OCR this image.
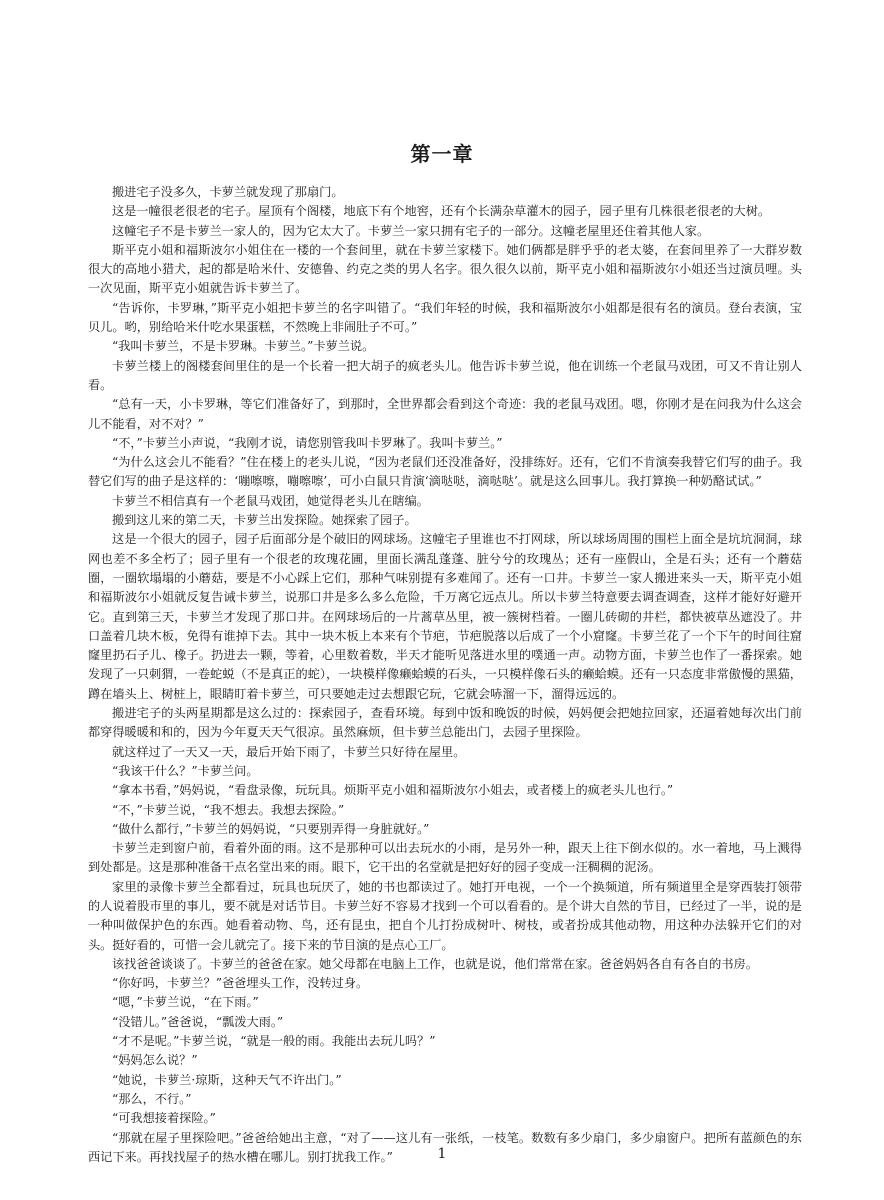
第一章

搬进宅子没多久，卡萝兰就发现了那扇门。

这是一幢很老很老的宅子。屋顶有个阁楼，地底下有个地窖，还有个长满杂草灌木的园子，园子里有几株很老很老的大树。

这幢宅子不是卡萝兰一家人的，因为它太大了。卡萝兰一家只拥有宅子的一部分。这幢老屋里还住着其他人家。

斯平克小姐和福斯波尔小姐住在一楼的一个套间里，就在卡萝兰家楼下。她们俩都是胖乎乎的老太婆，在套间里养了一大群岁数很大的高地小猎犬，起的都是哈米什、安德鲁、约克之类的男人名字。很久很久以前，斯平克小姐和福斯波尔小姐还当过演员哩。头一次见面，斯平克小姐就告诉卡萝兰了。

“告诉你，卡罗琳，”斯平克小姐把卡萝兰的名字叫错了。“我们年轻的时候，我和福斯波尔小姐都是很有名的演员。登台表演，宝贝儿。哟，别给哈米什吃水果蛋糕，不然晚上非闹肚子不可。”

“我叫卡萝兰，不是卡罗琳。卡萝兰。”卡萝兰说。

卡萝兰楼上的阁楼套间里住的是一个长着一把大胡子的疯老头儿。他告诉卡萝兰说，他在训练一个老鼠马戏团，可又不肯让别人看。

“总有一天，小卡罗琳，等它们准备好了，到那时，全世界都会看到这个奇迹：我的老鼠马戏团。嗯，你刚才是在问我为什么这会儿不能看，对不对？”

“不，”卡萝兰小声说，“我刚才说，请您别管我叫卡罗琳了。我叫卡萝兰。”

“为什么这会儿不能看？”住在楼上的老头儿说，“因为老鼠们还没准备好，没排练好。还有，它们不肯演奏我替它们写的曲子。我替它们写的曲子是这样的：‘嘣嚓嚓，嘣嚓嚓’，可小白鼠只肯演‘滴哒哒，滴哒哒’。就是这么回事儿。我打算换一种奶酪试试。”

卡萝兰不相信真有一个老鼠马戏团，她觉得老头儿在瞎编。

搬到这儿来的第二天，卡萝兰出发探险。她探索了园子。

这是一个很大的园子，园子后面部分是个破旧的网球场。这幢宅子里谁也不打网球，所以球场周围的围栏上面全是坑坑洞洞，球网也差不多全朽了；园子里有一个很老的玫瑰花圃，里面长满乱蓬蓬、脏兮兮的玫瑰丛；还有一座假山，全是石头；还有一个蘑菇圈，一圈软塌塌的小蘑菇，要是不小心踩上它们，那种气味别提有多难闻了。还有一口井。卡萝兰一家人搬进来头一天，斯平克小姐和福斯波尔小姐就反复告诫卡萝兰，说那口井是多么多么危险，千万离它远点儿。所以卡萝兰特意要去调查调查，这样才能好好避开它。直到第三天，卡萝兰才发现了那口井。在网球场后的一片蒿草丛里，被一簇树档着。一圈儿砖砌的井栏，都快被草丛遮没了。井口盖着几块木板，免得有谁掉下去。其中一块木板上本来有个节疤，节疤脱落以后成了一个小窟窿。卡萝兰花了一个下午的时间往窟窿里扔石子儿、橡子。扔进去一颗，等着，心里数着数，半天才能听见落进水里的噗通一声。动物方面，卡萝兰也作了一番探索。她发现了一只刺猬，一卷蛇蜕（不是真正的蛇），一块模样像癞蛤蟆的石头，一只模样像石头的癞蛤蟆。还有一只态度非常傲慢的黑猫，蹲在墙头上、树桩上，眼睛盯着卡萝兰，可只要她走过去想跟它玩，它就会哧溜一下，溜得远远的。

搬进宅子的头两星期都是这么过的：探索园子，查看环境。每到中饭和晚饭的时候，妈妈便会把她拉回家，还逼着她每次出门前都穿得暖暖和和的，因为今年夏天天气很凉。虽然麻烦，但卡萝兰总能出门，去园子里探险。

就这样过了一天又一天，最后开始下雨了，卡萝兰只好待在屋里。

“我该干什么？”卡萝兰问。

“拿本书看，”妈妈说，“看盘录像，玩玩具。烦斯平克小姐和福斯波尔小姐去，或者楼上的疯老头儿也行。”

“不，”卡萝兰说，“我不想去。我想去探险。”

“做什么都行，”卡萝兰的妈妈说，“只要别弄得一身脏就好。”

卡萝兰走到窗户前，看着外面的雨。这不是那种可以出去玩水的小雨，是另外一种，跟天上往下倒水似的。水一着地，马上溅得到处都是。这是那种准备干点名堂出来的雨。眼下，它干出的名堂就是把好好的园子变成一汪稠稠的泥汤。

家里的录像卡萝兰全都看过，玩具也玩厌了，她的书也都读过了。她打开电视，一个一个换频道，所有频道里全是穿西装打领带的人说着股市里的事儿，要不就是对话节目。卡萝兰好不容易才找到一个可以看看的。是个讲大自然的节目，已经过了一半，说的是一种叫做保护色的东西。她看着动物、鸟，还有昆虫，把自个儿打扮成树叶、树枝，或者扮成其他动物，用这种办法躲开它们的对头。挺好看的，可惜一会儿就完了。接下来的节目演的是点心工厂。

该找爸爸谈谈了。卡萝兰的爸爸在家。她父母都在电脑上工作，也就是说，他们常常在家。爸爸妈妈各自有各自的书房。

“你好吗，卡萝兰？”爸爸埋头工作，没转过身。

“嗯，”卡萝兰说，“在下雨。”

“没错儿。”爸爸说，“瓢泼大雨。”

“才不是呢。”卡萝兰说，“就是一般的雨。我能出去玩儿吗？”

“妈妈怎么说？”

“她说，卡萝兰·琼斯，这种天气不许出门。”

“那么，不行。”

“可我想接着探险。”

“那就在屋子里探险吧。”爸爸给她出主意，“对了——这儿有一张纸，一枝笔。数数有多少扇门，多少扇窗户。把所有蓝颜色的东西记下来。再找找屋子的热水槽在哪儿。别打扰我工作。”	1
